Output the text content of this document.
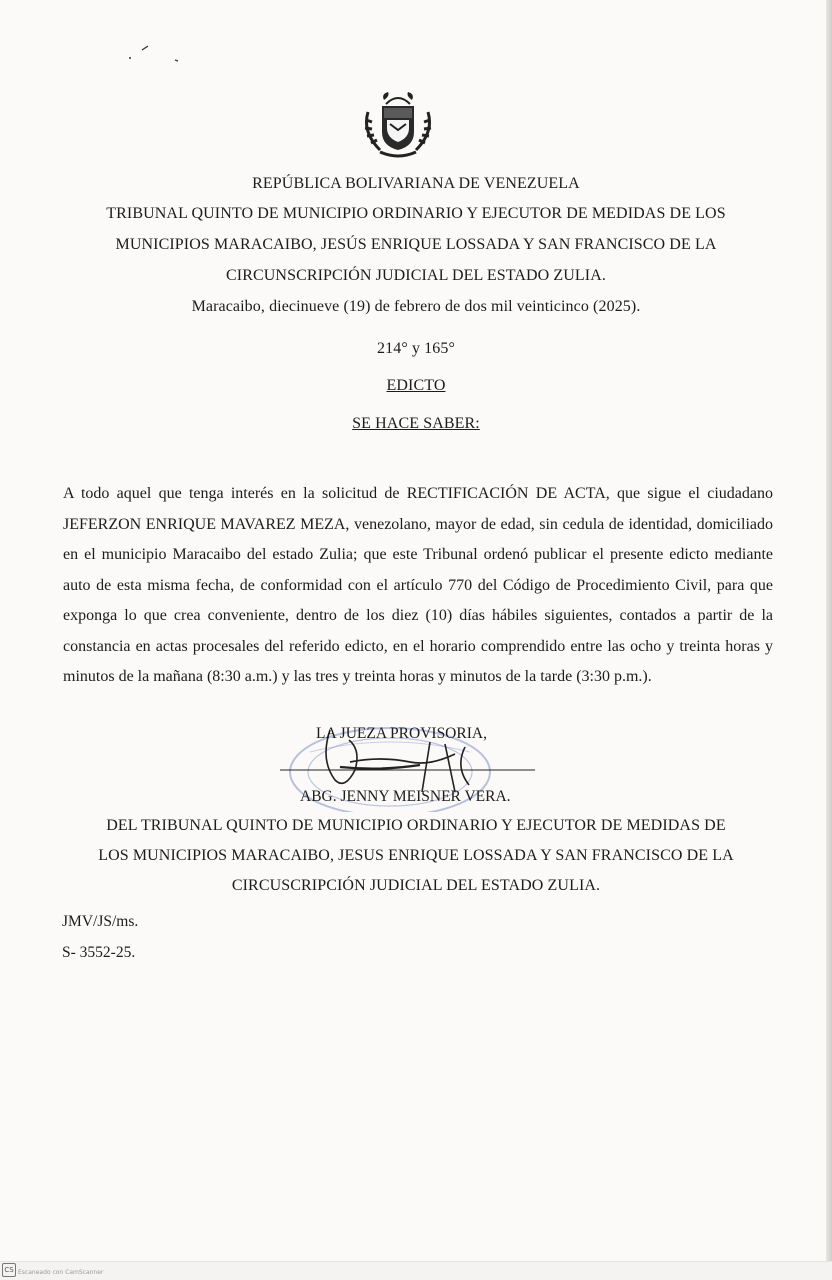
REPÚBLICA BOLIVARIANA DE VENEZUELA
TRIBUNAL QUINTO DE MUNICIPIO ORDINARIO Y EJECUTOR DE MEDIDAS DE LOS
MUNICIPIOS MARACAIBO, JESÚS ENRIQUE LOSSADA Y SAN FRANCISCO DE LA
CIRCUNSCRIPCIÓN JUDICIAL DEL ESTADO ZULIA.
Maracaibo, diecinueve (19) de febrero de dos mil veinticinco (2025).
214° y 165°
EDICTO
SE HACE SABER:
A todo aquel que tenga interés en la solicitud de RECTIFICACIÓN DE ACTA, que sigue el ciudadano JEFERZON ENRIQUE MAVAREZ MEZA, venezolano, mayor de edad, sin cedula de identidad, domiciliado en el municipio Maracaibo del estado Zulia; que este Tribunal ordenó publicar el presente edicto mediante auto de esta misma fecha, de conformidad con el artículo 770 del Código de Procedimiento Civil, para que exponga lo que crea conveniente, dentro de los diez (10) días hábiles siguientes, contados a partir de la constancia en actas procesales del referido edicto, en el horario comprendido entre las ocho y treinta horas y minutos de la mañana (8:30 a.m.) y las tres y treinta horas y minutos de la tarde (3:30 p.m.).
LA JUEZA PROVISORIA,
ABG. JENNY MEISNER VERA.
DEL TRIBUNAL QUINTO DE MUNICIPIO ORDINARIO Y EJECUTOR DE MEDIDAS DE
LOS MUNICIPIOS MARACAIBO, JESUS ENRIQUE LOSSADA Y SAN FRANCISCO DE LA
CIRCUSCRIPCIÓN JUDICIAL DEL ESTADO ZULIA.
JMV/JS/ms.
S- 3552-25.
CS Escaneado con CamScanner
